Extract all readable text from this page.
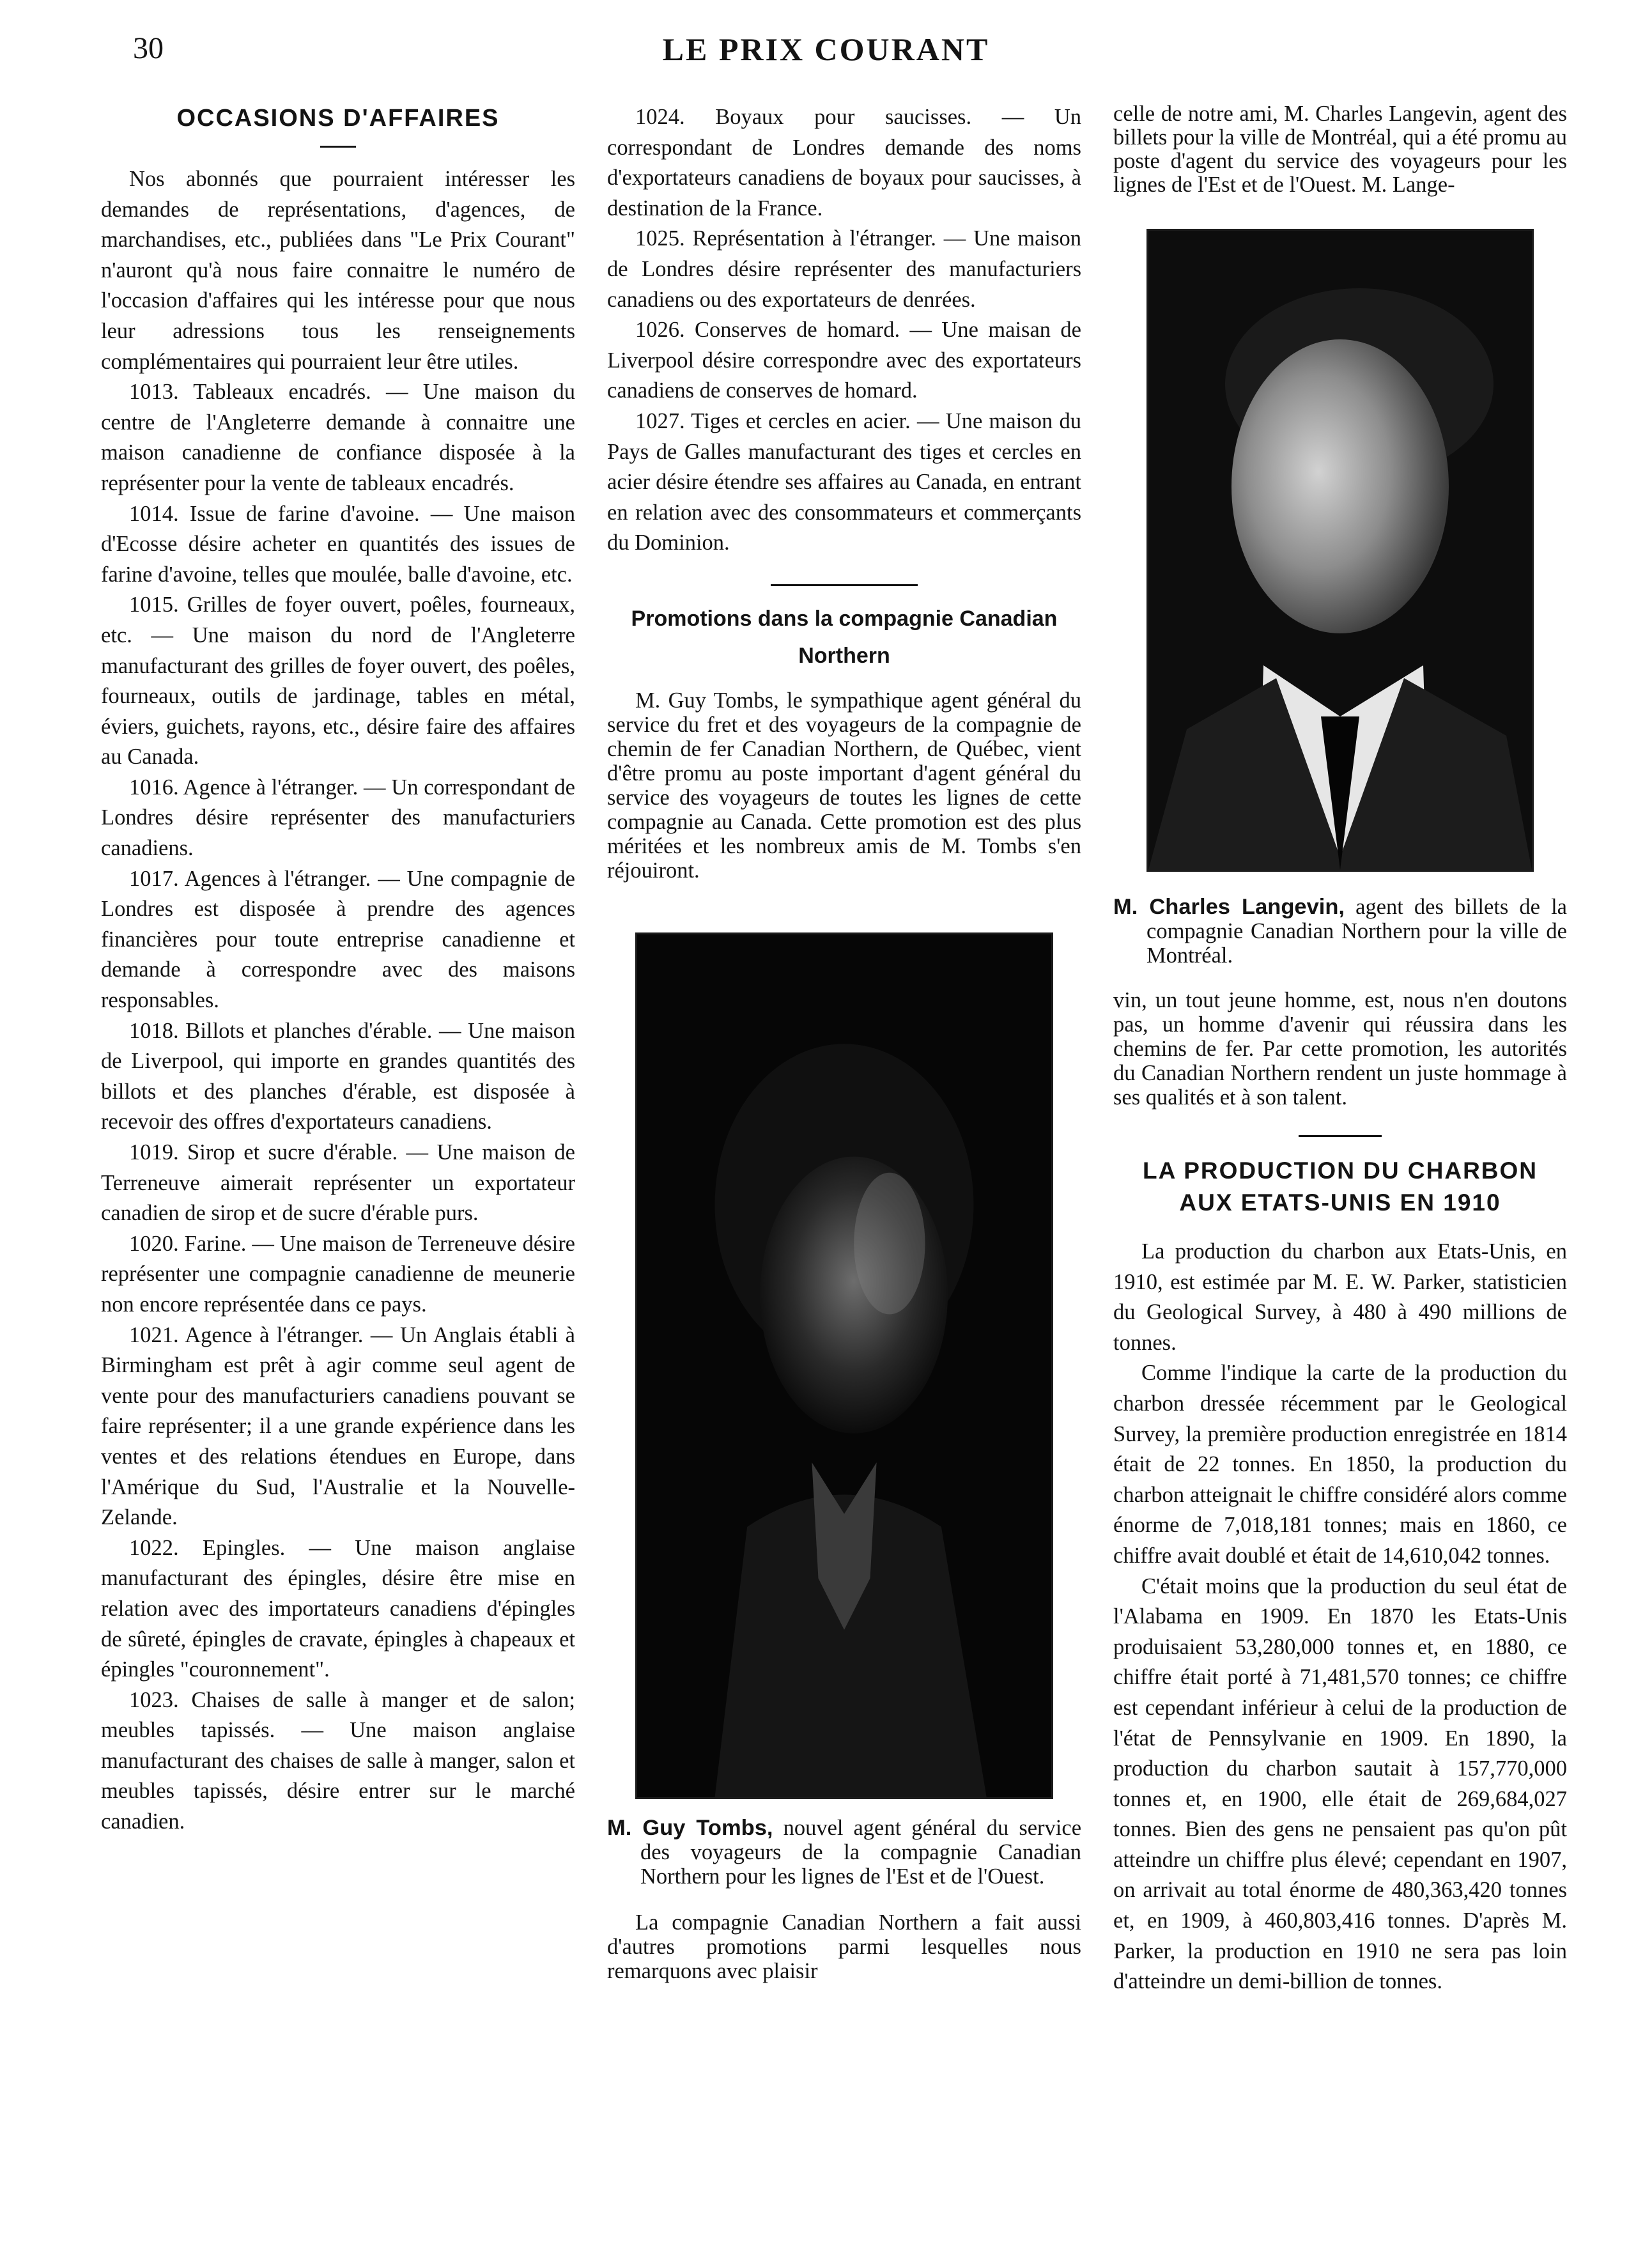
30	LE PRIX COURANT
OCCASIONS D'AFFAIRES

Nos abonnés que pourraient intéresser les demandes de représentations, d'agences, de marchandises, etc., publiées dans "Le Prix Courant" n'auront qu'à nous faire connaitre le numéro de l'occasion d'affaires qui les intéresse pour que nous leur adressions tous les renseignements complémentaires qui pourraient leur être utiles.

1013. Tableaux encadrés. — Une maison du centre de l'Angleterre demande à connaitre une maison canadienne de confiance disposée à la représenter pour la vente de tableaux encadrés.

1014. Issue de farine d'avoine. — Une maison d'Ecosse désire acheter en quantités des issues de farine d'avoine, telles que moulée, balle d'avoine, etc.

1015. Grilles de foyer ouvert, poêles, fourneaux, etc. — Une maison du nord de l'Angleterre manufacturant des grilles de foyer ouvert, des poêles, fourneaux, outils de jardinage, tables en métal, éviers, guichets, rayons, etc., désire faire des affaires au Canada.

1016. Agence à l'étranger. — Un correspondant de Londres désire représenter des manufacturiers canadiens.

1017. Agences à l'étranger. — Une compagnie de Londres est disposée à prendre des agences financières pour toute entreprise canadienne et demande à correspondre avec des maisons responsables.

1018. Billots et planches d'érable. — Une maison de Liverpool, qui importe en grandes quantités des billots et des planches d'érable, est disposée à recevoir des offres d'exportateurs canadiens.

1019. Sirop et sucre d'érable. — Une maison de Terreneuve aimerait représenter un exportateur canadien de sirop et de sucre d'érable purs.

1020. Farine. — Une maison de Terreneuve désire représenter une compagnie canadienne de meunerie non encore représentée dans ce pays.

1021. Agence à l'étranger. — Un Anglais établi à Birmingham est prêt à agir comme seul agent de vente pour des manufacturiers canadiens pouvant se faire représenter; il a une grande expérience dans les ventes et des relations étendues en Europe, dans l'Amérique du Sud, l'Australie et la Nouvelle-Zelande.

1022. Epingles. — Une maison anglaise manufacturant des épingles, désire être mise en relation avec des importateurs canadiens d'épingles de sûreté, épingles de cravate, épingles à chapeaux et épingles "couronnement".

1023. Chaises de salle à manger et de salon; meubles tapissés. — Une maison anglaise manufacturant des chaises de salle à manger, salon et meubles tapissés, désire entrer sur le marché canadien.

1024. Boyaux pour saucisses. — Un correspondant de Londres demande des noms d'exportateurs canadiens de boyaux pour saucisses, à destination de la France.

1025. Représentation à l'étranger. — Une maison de Londres désire représenter des manufacturiers canadiens ou des exportateurs de denrées.

1026. Conserves de homard. — Une maisan de Liverpool désire correspondre avec des exportateurs canadiens de conserves de homard.

1027. Tiges et cercles en acier. — Une maison du Pays de Galles manufacturant des tiges et cercles en acier désire étendre ses affaires au Canada, en entrant en relation avec des consommateurs et commerçants du Dominion.

Promotions dans la compagnie Canadian Northern

M. Guy Tombs, le sympathique agent général du service du fret et des voyageurs de la compagnie de chemin de fer Canadian Northern, de Québec, vient d'être promu au poste important d'agent général du service des voyageurs de toutes les lignes de cette compagnie au Canada. Cette promotion est des plus méritées et les nombreux amis de M. Tombs s'en réjouiront.

M. Guy Tombs, nouvel agent général du service des voyageurs de la compagnie Canadian Northern pour les lignes de l'Est et de l'Ouest.

La compagnie Canadian Northern a fait aussi d'autres promotions parmi lesquelles nous remarquons avec plaisir

celle de notre ami, M. Charles Langevin, agent des billets pour la ville de Montréal, qui a été promu au poste d'agent du service des voyageurs pour les lignes de l'Est et de l'Ouest. M. Lange-

M. Charles Langevin, agent des billets de la compagnie Canadian Northern pour la ville de Montréal.

vin, un tout jeune homme, est, nous n'en doutons pas, un homme d'avenir qui réussira dans les chemins de fer. Par cette promotion, les autorités du Canadian Northern rendent un juste hommage à ses qualités et à son talent.

LA PRODUCTION DU CHARBON AUX ETATS-UNIS EN 1910

La production du charbon aux Etats-Unis, en 1910, est estimée par M. E. W. Parker, statisticien du Geological Survey, à 480 à 490 millions de tonnes.

Comme l'indique la carte de la production du charbon dressée récemment par le Geological Survey, la première production enregistrée en 1814 était de 22 tonnes. En 1850, la production du charbon atteignait le chiffre considéré alors comme énorme de 7,018,181 tonnes; mais en 1860, ce chiffre avait doublé et était de 14,610,042 tonnes.

C'était moins que la production du seul état de l'Alabama en 1909. En 1870 les Etats-Unis produisaient 53,280,000 tonnes et, en 1880, ce chiffre était porté à 71,481,570 tonnes; ce chiffre est cependant inférieur à celui de la production de l'état de Pennsylvanie en 1909. En 1890, la production du charbon sautait à 157,770,000 tonnes et, en 1900, elle était de 269,684,027 tonnes. Bien des gens ne pensaient pas qu'on pût atteindre un chiffre plus élevé; cependant en 1907, on arrivait au total énorme de 480,363,420 tonnes et, en 1909, à 460,803,416 tonnes. D'après M. Parker, la production en 1910 ne sera pas loin d'atteindre un demi-billion de tonnes.
